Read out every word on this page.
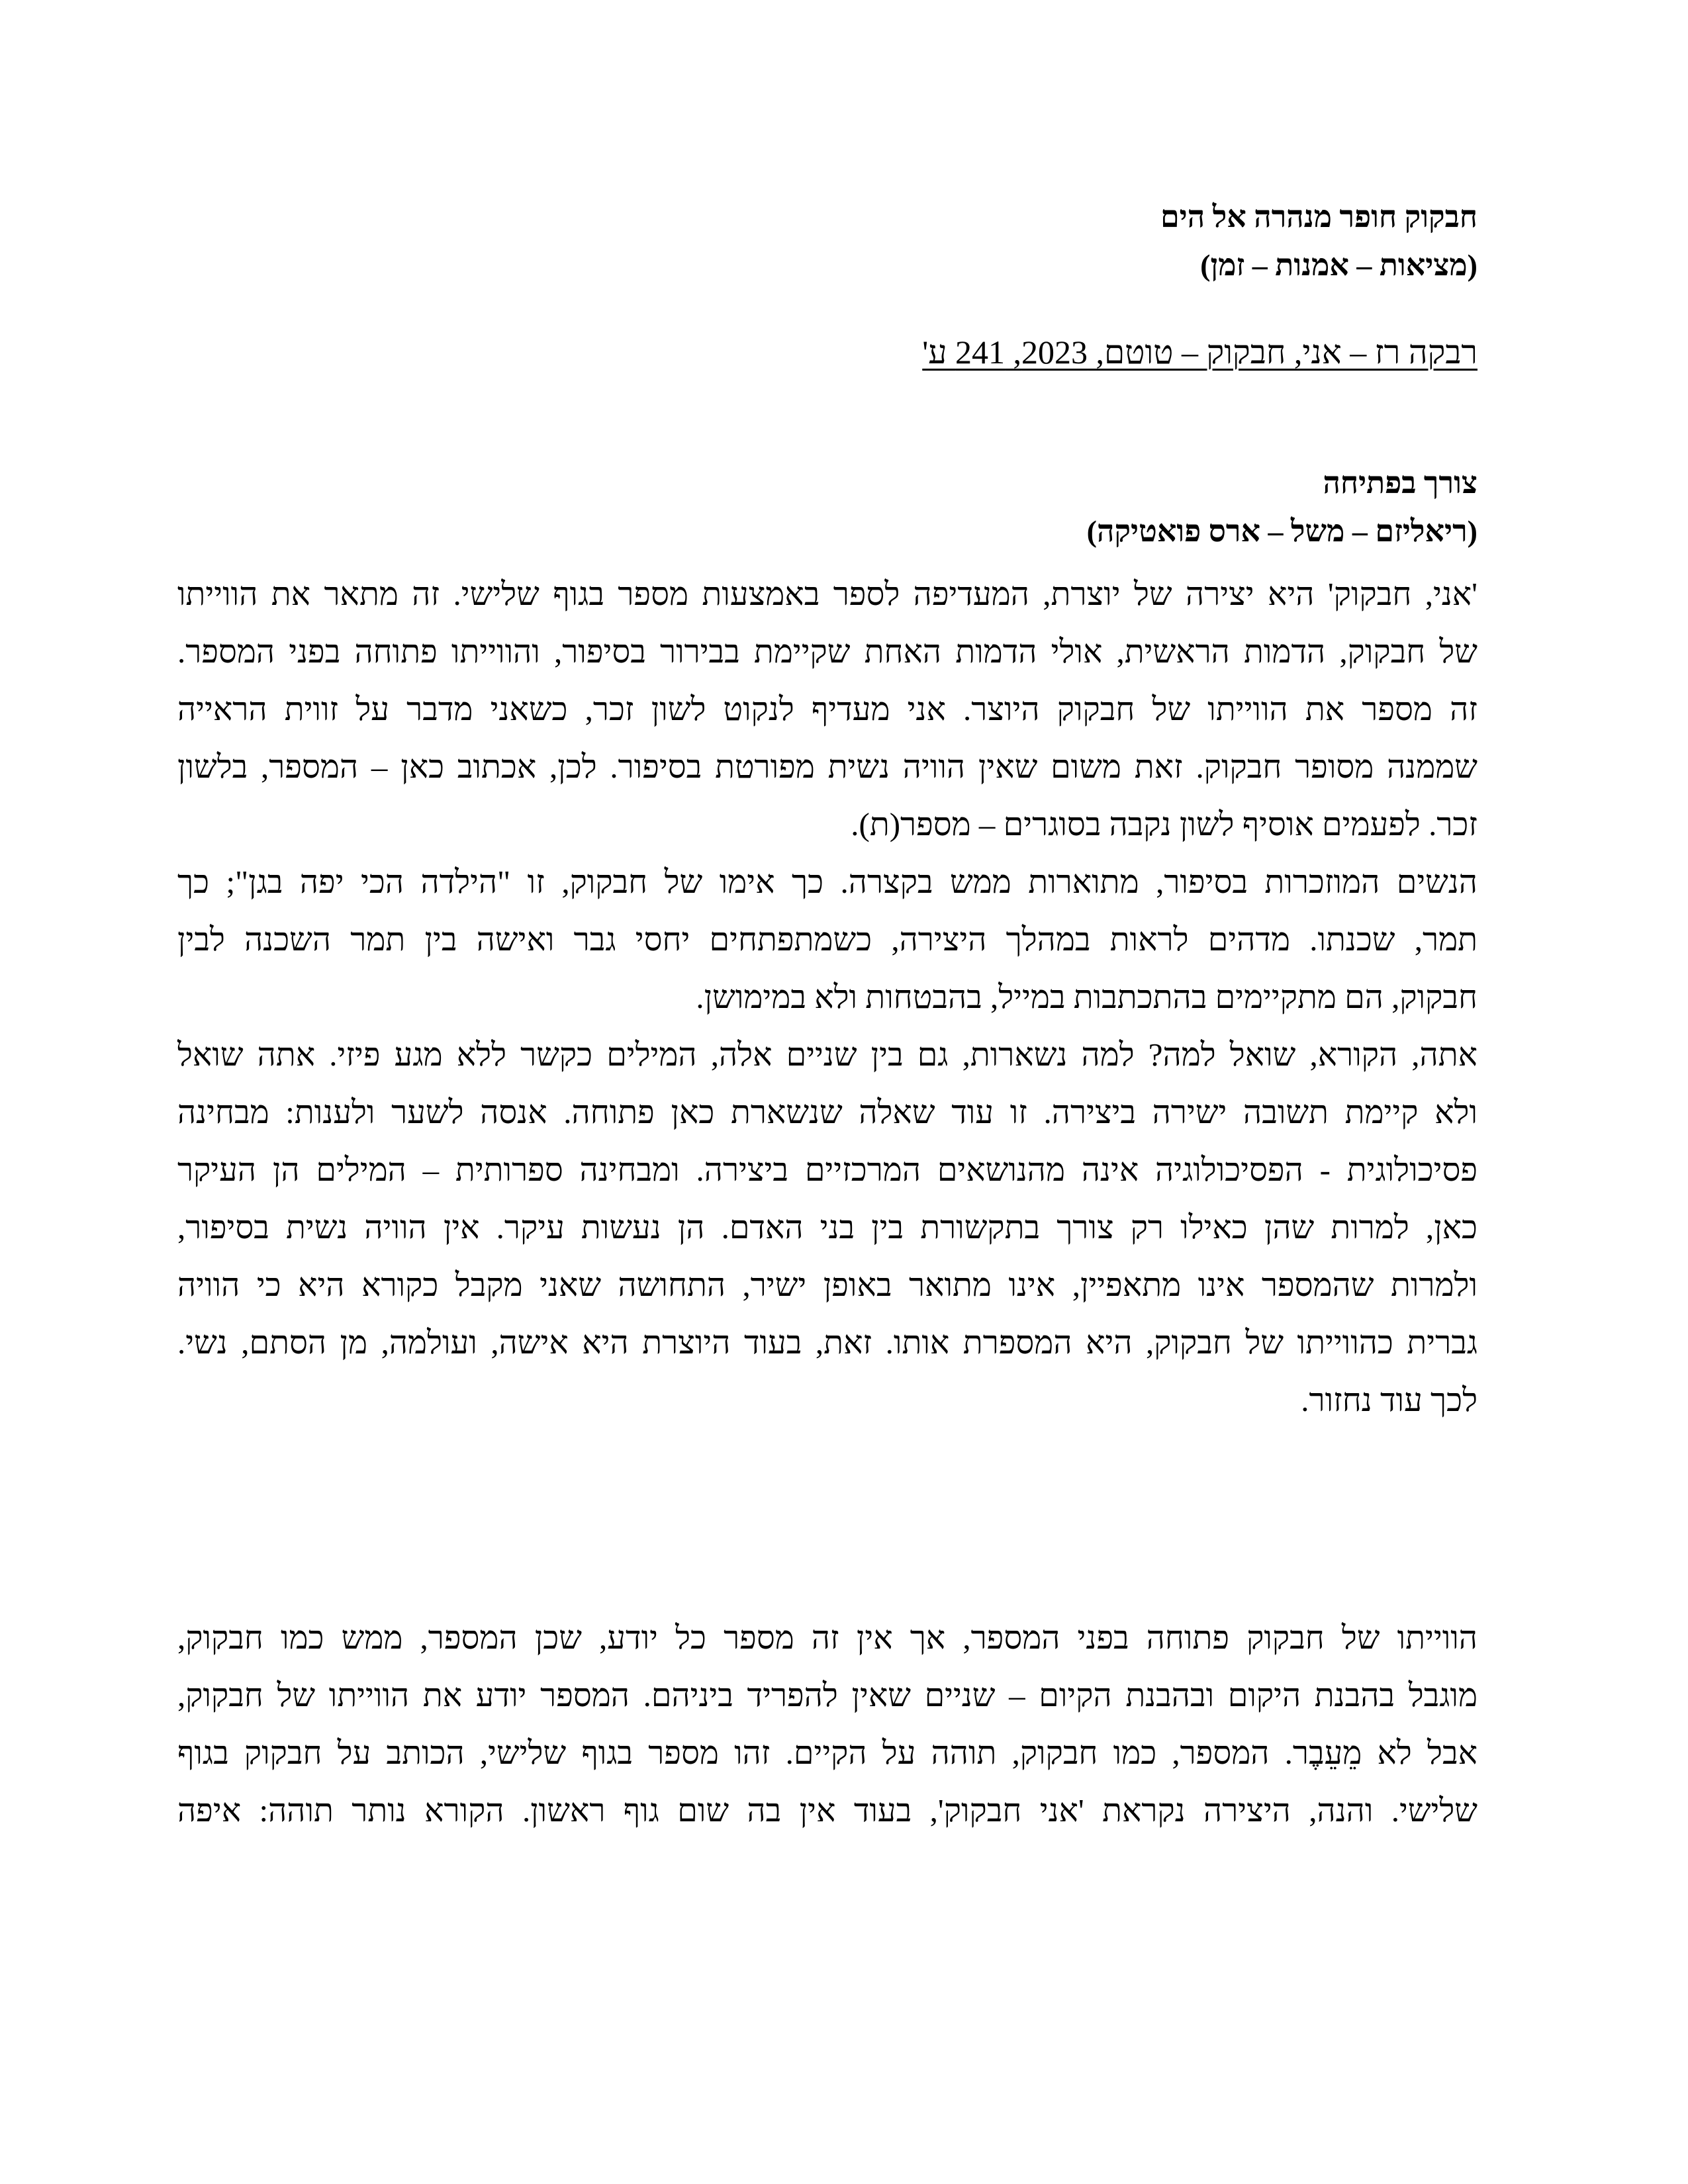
חבקוק חופר מנהרה אל הים
(מציאות – אמנות – זמן)
רבקה רז – אני, חבקוק – טוטם, 2023, 241 ע'
צורך בפתיחה
(ריאליזם – משל – ארס פואטיקה)
'אני, חבקוק' היא יצירה של יוצרת, המעדיפה לספר באמצעות מספר בגוף שלישי. זה מתאר את הווייתו
של חבקוק, הדמות הראשית, אולי הדמות האחת שקיימת בבירור בסיפור, והווייתו פתוחה בפני המספר.
זה מספר את הווייתו של חבקוק היוצר. אני מעדיף לנקוט לשון זכר, כשאני מדבר על זווית הראייה
שממנה מסופר חבקוק. זאת משום שאין הוויה נשית מפורטת בסיפור. לכן, אכתוב כאן – המספר, בלשון
זכר. לפעמים אוסיף לשון נקבה בסוגרים – מספר(ת).
הנשים המוזכרות בסיפור, מתוארות ממש בקצרה. כך אימו של חבקוק, זו "הילדה הכי יפה בגן"; כך
תמר, שכנתו. מדהים לראות במהלך היצירה, כשמתפתחים יחסי גבר ואישה בין תמר השכנה לבין
חבקוק, הם מתקיימים בהתכתבות במייל, בהבטחות ולא במימושן.
אתה, הקורא, שואל למה? למה נשארות, גם בין שניים אלה, המילים כקשר ללא מגע פיזי. אתה שואל
ולא קיימת תשובה ישירה ביצירה. זו עוד שאלה שנשארת כאן פתוחה. אנסה לשער ולענות: מבחינה
פסיכולוגית - הפסיכולוגיה אינה מהנושאים המרכזיים ביצירה. ומבחינה ספרותית – המילים הן העיקר
כאן, למרות שהן כאילו רק צורך בתקשורת בין בני האדם. הן נעשות עיקר. אין הוויה נשית בסיפור,
ולמרות שהמספר אינו מתאפיין, אינו מתואר באופן ישיר, התחושה שאני מקבל כקורא היא כי הוויה
גברית כהווייתו של חבקוק, היא המספרת אותו. זאת, בעוד היוצרת היא אישה, ועולמה, מן הסתם, נשי.
לכך עוד נחזור.
הווייתו של חבקוק פתוחה בפני המספר, אך אין זה מספר כל יודע, שכן המספר, ממש כמו חבקוק,
מוגבל בהבנת היקום ובהבנת הקיום – שניים שאין להפריד ביניהם. המספר יודע את הווייתו של חבקוק,
אבל לא מֵעֵבֶר. המספר, כמו חבקוק, תוהה על הקיים. זהו מספר בגוף שלישי, הכותב על חבקוק בגוף
שלישי. והנה, היצירה נקראת 'אני חבקוק', בעוד אין בה שום גוף ראשון. הקורא נותר תוהה: איפה
